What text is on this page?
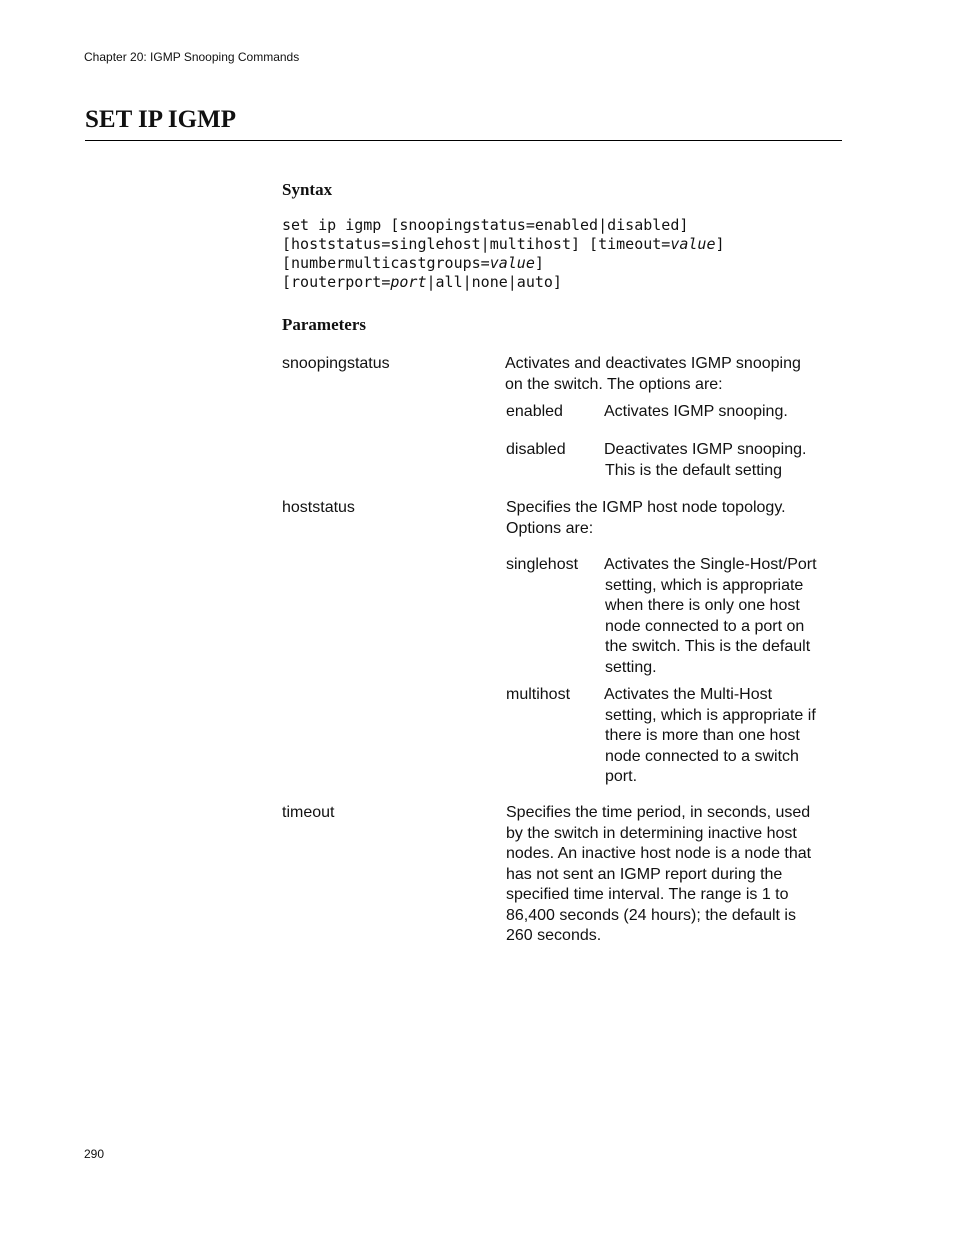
Chapter 20: IGMP Snooping Commands
SET IP IGMP
Syntax
set ip igmp [snoopingstatus=enabled|disabled]
[hoststatus=singlehost|multihost] [timeout=value]
[numbermulticastgroups=value]
[routerport=port|all|none|auto]
Parameters
snoopingstatus	Activates and deactivates IGMP snooping
on the switch. The options are:
enabled	Activates IGMP snooping.
disabled Deactivates IGMP snooping.
This is the default setting
hoststatus	Specifies the IGMP host node topology.
Options are:
singlehost Activates the Single-Host/Port
setting, which is appropriate
when there is only one host
node connected to a port on
the switch. This is the default
setting.
multihost Activates the Multi-Host
setting, which is appropriate if
there is more than one host
node connected to a switch
port.
timeout	Specifies the time period, in seconds, used
by the switch in determining inactive host
nodes. An inactive host node is a node that
has not sent an IGMP report during the
specified time interval. The range is 1 to
86,400 seconds (24 hours); the default is
260 seconds.
290
